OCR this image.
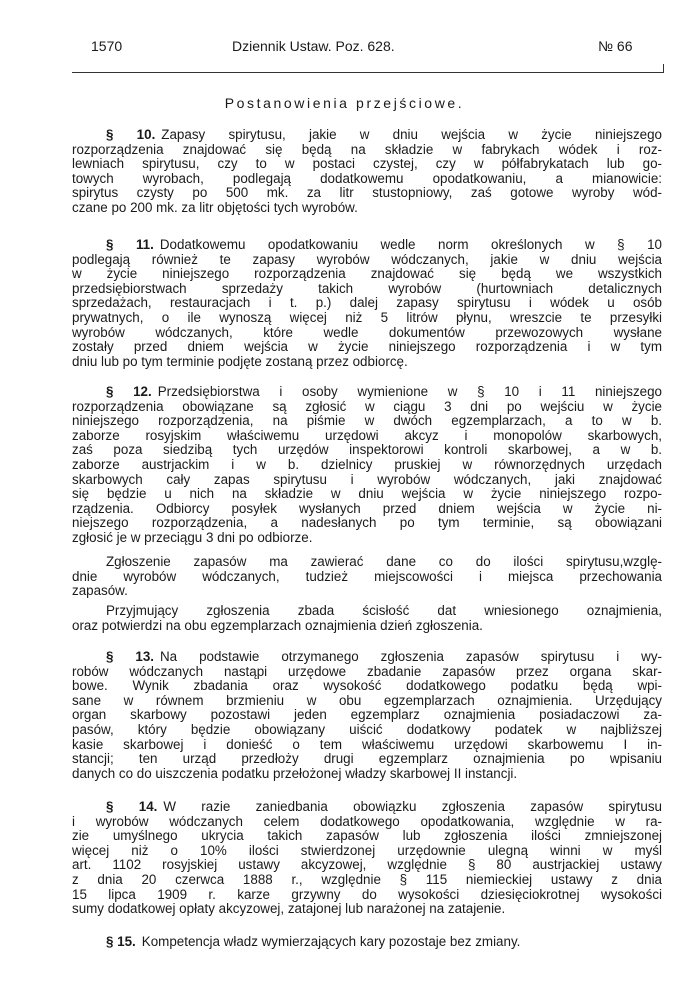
1570	Dziennik Ustaw. Poz. 628.	№ 66
Postanowienia przejściowe.
§ 10. Zapasy spirytusu, jakie w dniu wejścia w życie niniejszego
rozporządzenia znajdować się będą na składzie w fabrykach wódek i roz-
lewniach spirytusu, czy to w postaci czystej, czy w półfabrykatach lub go-
towych wyrobach, podlegają dodatkowemu opodatkowaniu, a mianowicie:
spirytus czysty po 500 mk. za litr stustopniowy, zaś gotowe wyroby wód-
czane po 200 mk. za litr objętości tych wyrobów.
§ 11. Dodatkowemu opodatkowaniu wedle norm określonych w § 10
podlegają również te zapasy wyrobów wódczanych, jakie w dniu wejścia
w życie niniejszego rozporządzenia znajdować się będą we wszystkich
przedsiębiorstwach sprzedaży takich wyrobów (hurtowniach detalicznych
sprzedażach, restauracjach i t. p.) dalej zapasy spirytusu i wódek u osób
prywatnych, o ile wynoszą więcej niż 5 litrów płynu, wreszcie te przesyłki
wyrobów wódczanych, które wedle dokumentów przewozowych wysłane
zostały przed dniem wejścia w życie niniejszego rozporządzenia i w tym
dniu lub po tym terminie podjęte zostaną przez odbiorcę.
§ 12. Przedsiębiorstwa i osoby wymienione w § 10 i 11 niniejszego
rozporządzenia obowiązane są zgłosić w ciągu 3 dni po wejściu w życie
niniejszego rozporządzenia, na piśmie w dwóch egzemplarzach, a to w b.
zaborze rosyjskim właściwemu urzędowi akcyz i monopolów skarbowych,
zaś poza siedzibą tych urzędów inspektorowi kontroli skarbowej, a w b.
zaborze austrjackim i w b. dzielnicy pruskiej w równorzędnych urzędach
skarbowych cały zapas spirytusu i wyrobów wódczanych, jaki znajdować
się będzie u nich na składzie w dniu wejścia w życie niniejszego rozpo-
rządzenia. Odbiorcy posyłek wysłanych przed dniem wejścia w życie ni-
niejszego rozporządzenia, a nadesłanych po tym terminie, są obowiązani
zgłosić je w przeciągu 3 dni po odbiorze.
Zgłoszenie zapasów ma zawierać dane co do ilości spirytusu,wzglę-
dnie wyrobów wódczanych, tudzież miejscowości i miejsca przechowania
zapasów.
Przyjmujący zgłoszenia zbada ścisłość dat wniesionego oznajmienia,
oraz potwierdzi na obu egzemplarzach oznajmienia dzień zgłoszenia.
§ 13. Na podstawie otrzymanego zgłoszenia zapasów spirytusu i wy-
robów wódczanych nastąpi urzędowe zbadanie zapasów przez organa skar-
bowe. Wynik zbadania oraz wysokość dodatkowego podatku będą wpi-
sane w równem brzmieniu w obu egzemplarzach oznajmienia. Urzędujący
organ skarbowy pozostawi jeden egzemplarz oznajmienia posiadaczowi za-
pasów, który będzie obowiązany uiścić dodatkowy podatek w najbliższej
kasie skarbowej i donieść o tem właściwemu urzędowi skarbowemu I in-
stancji; ten urząd przedłoży drugi egzemplarz oznajmienia po wpisaniu
danych co do uiszczenia podatku przełożonej władzy skarbowej II instancji.
§ 14. W razie zaniedbania obowiązku zgłoszenia zapasów spirytusu
i wyrobów wódczanych celem dodatkowego opodatkowania, względnie w ra-
zie umyślnego ukrycia takich zapasów lub zgłoszenia ilości zmniejszonej
więcej niż o 10% ilości stwierdzonej urzędownie ulegną winni w myśl
art. 1102 rosyjskiej ustawy akcyzowej, względnie § 80 austrjackiej ustawy
z dnia 20 czerwca 1888 r., względnie § 115 niemieckiej ustawy z dnia
15 lipca 1909 r. karze grzywny do wysokości dziesięciokrotnej wysokości
sumy dodatkowej opłaty akcyzowej, zatajonej lub narażonej na zatajenie.
§ 15. Kompetencja władz wymierzających kary pozostaje bez zmiany.
